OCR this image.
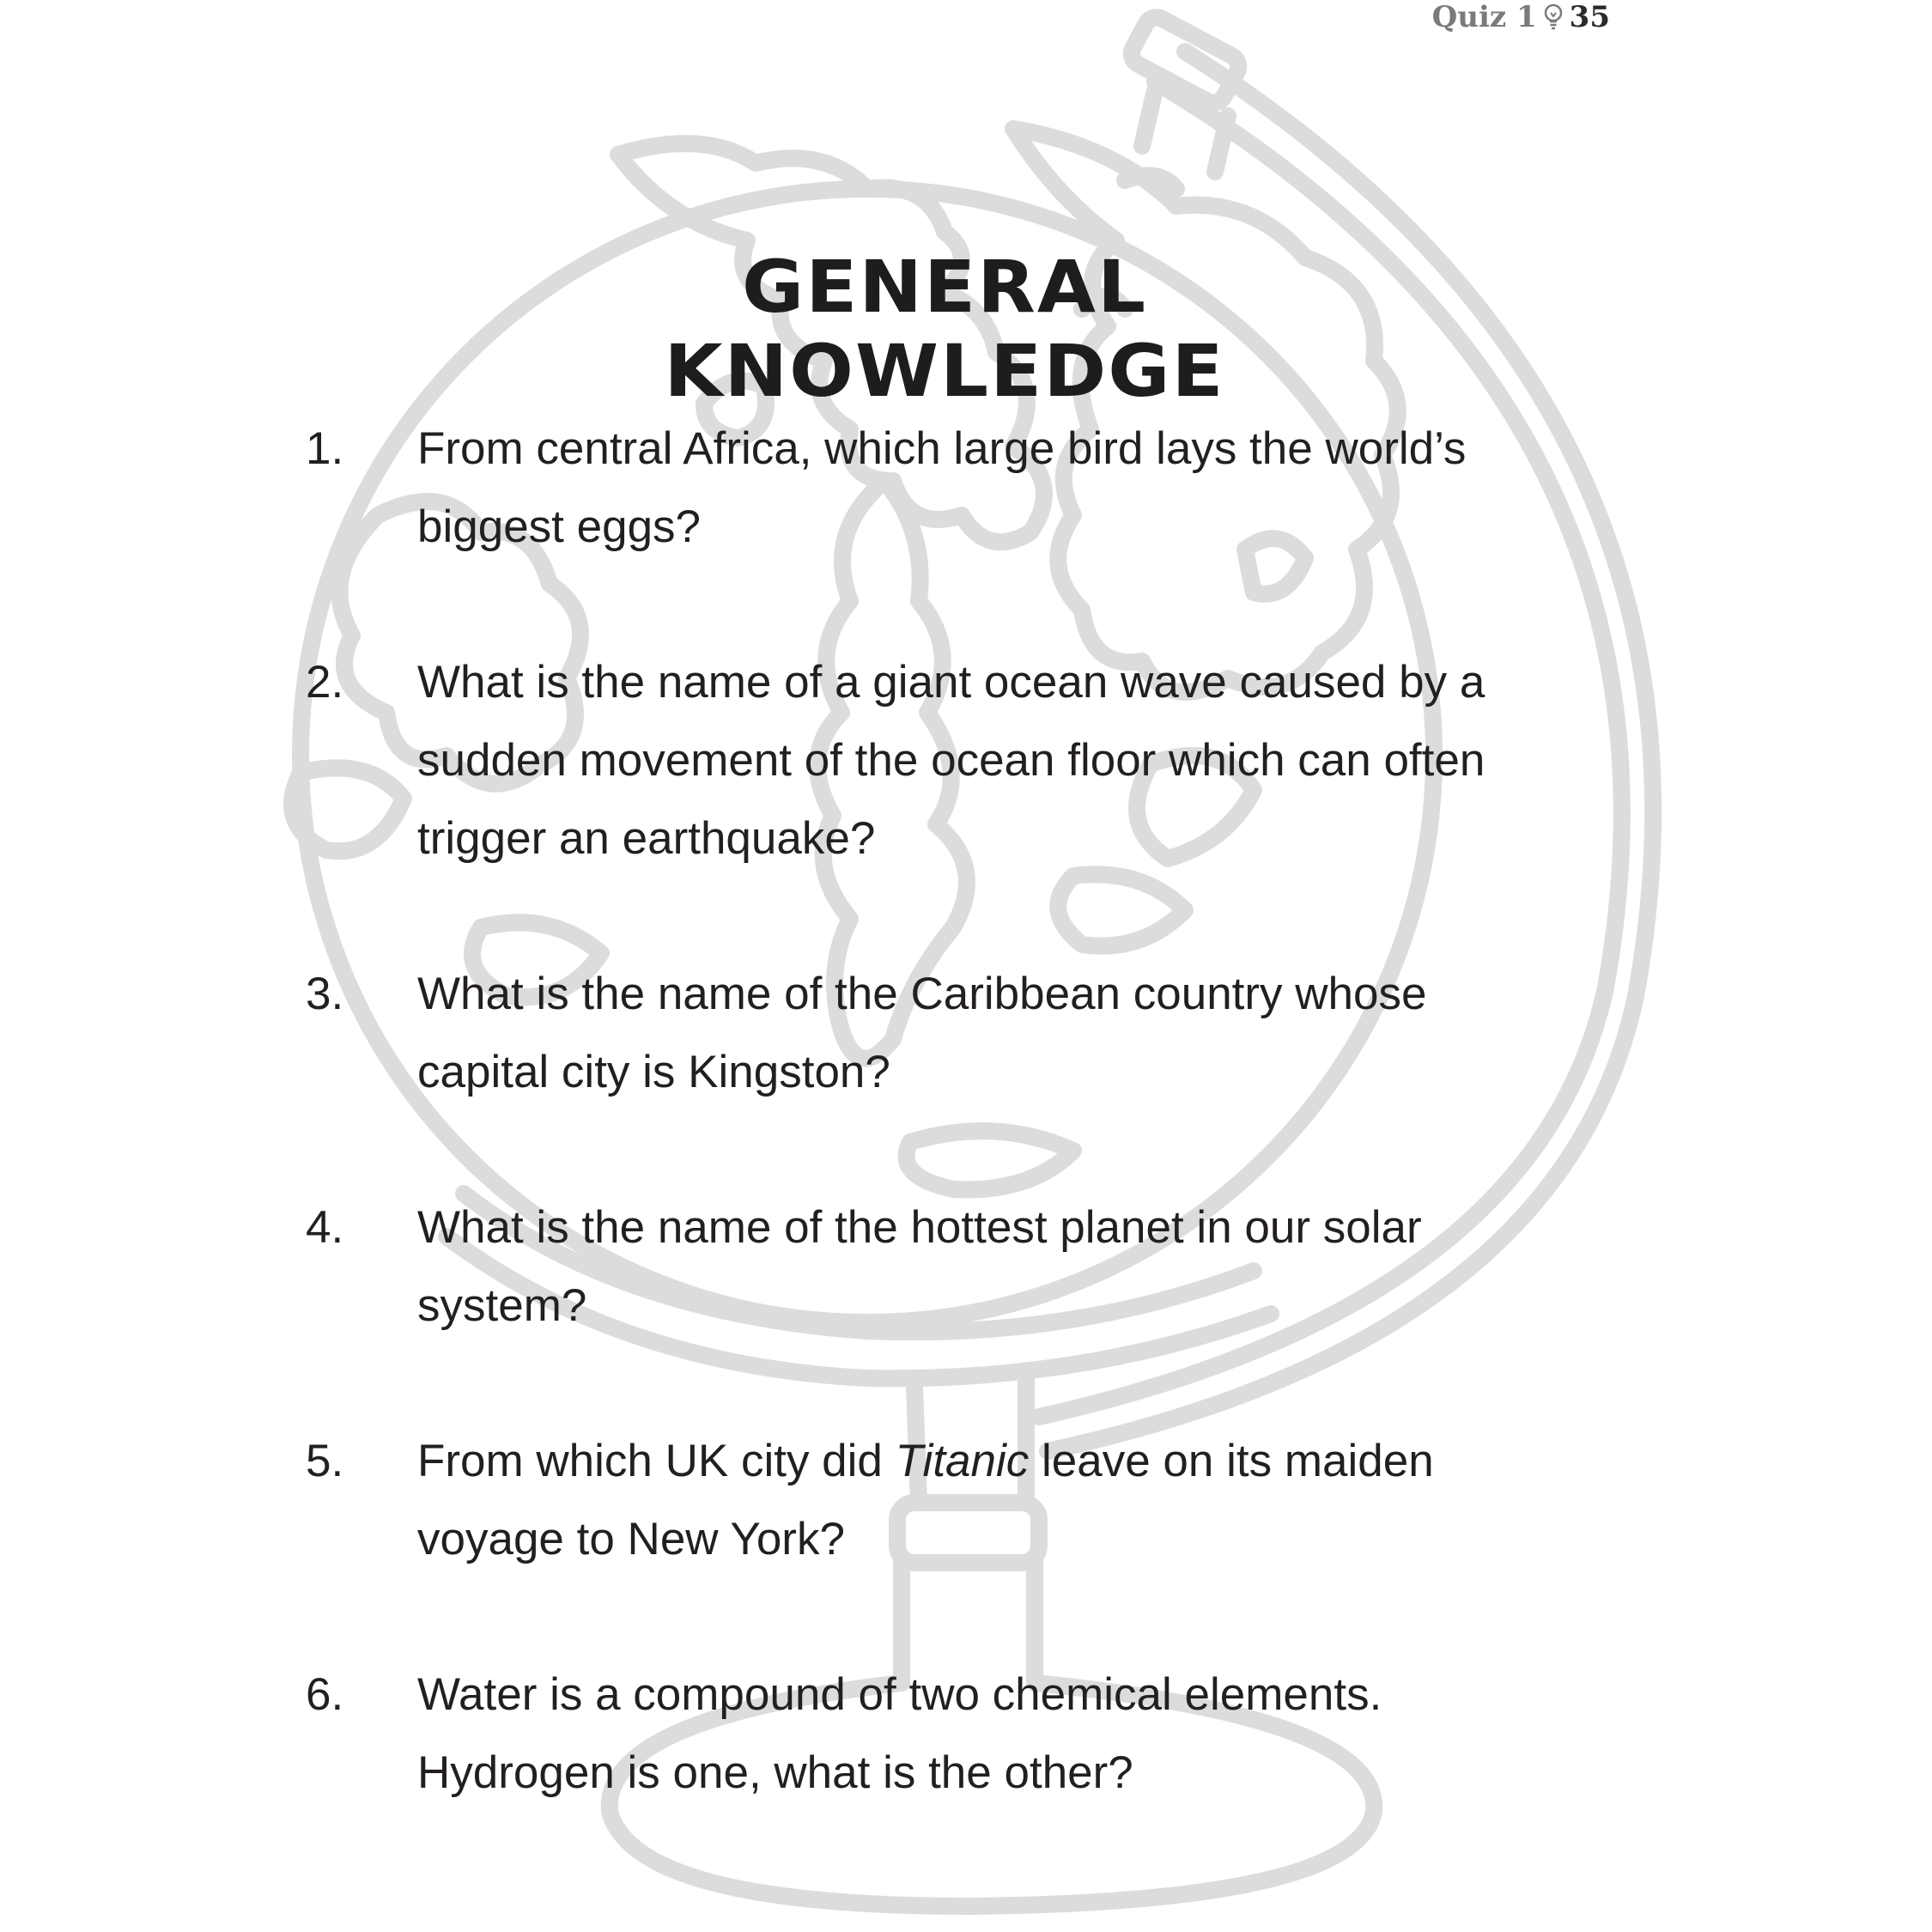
Quiz 1 35
GENERAL KNOWLEDGE
1.	From central Africa, which large bird lays the world’s biggest eggs?
2.	What is the name of a giant ocean wave caused by a sudden movement of the ocean floor which can often trigger an earthquake?
3.	What is the name of the Caribbean country whose capital city is Kingston?
4.	What is the name of the hottest planet in our solar system?
5.	From which UK city did Titanic leave on its maiden voyage to New York?
6.	Water is a compound of two chemical elements. Hydrogen is one, what is the other?
